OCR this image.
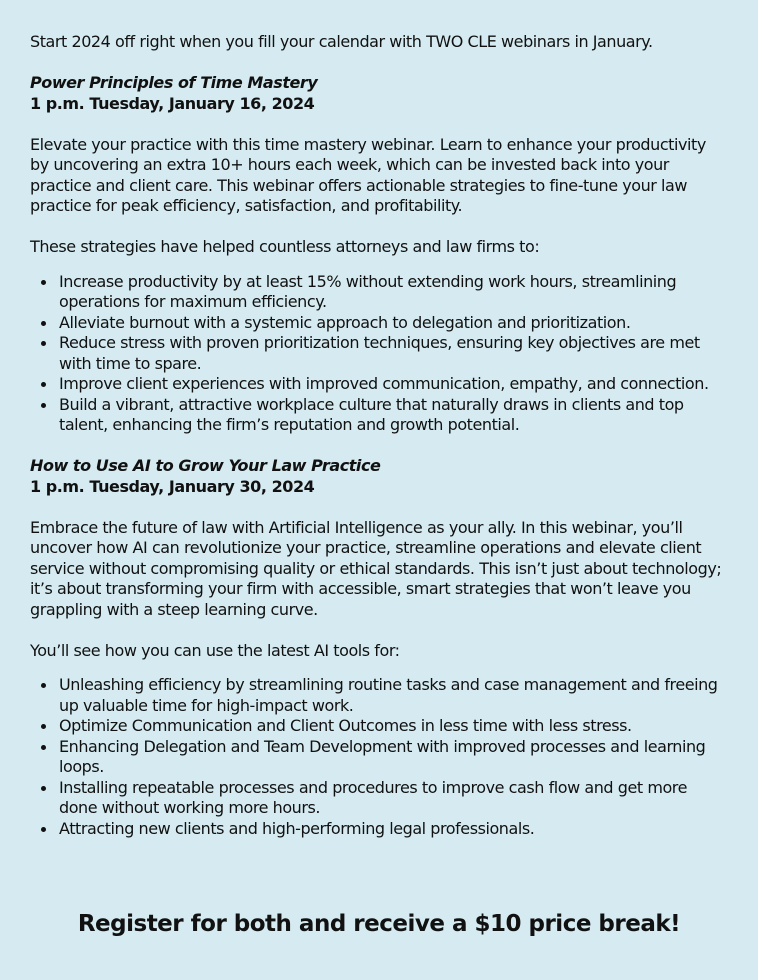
Start 2024 off right when you fill your calendar with TWO CLE webinars in January.

Power Principles of Time Mastery

1 p.m. Tuesday, January 16, 2024

Elevate your practice with this time mastery webinar. Learn to enhance your productivity by uncovering an extra 10+ hours each week, which can be invested back into your practice and client care. This webinar offers actionable strategies to fine-tune your law practice for peak efficiency, satisfaction, and profitability.

These strategies have helped countless attorneys and law firms to:

Increase productivity by at least 15% without extending work hours, streamlining operations for maximum efficiency.
Alleviate burnout with a systemic approach to delegation and prioritization.
Reduce stress with proven prioritization techniques, ensuring key objectives are met with time to spare.
Improve client experiences with improved communication, empathy, and connection.
Build a vibrant, attractive workplace culture that naturally draws in clients and top talent, enhancing the firm’s reputation and growth potential.

How to Use AI to Grow Your Law Practice

1 p.m. Tuesday, January 30, 2024

Embrace the future of law with Artificial Intelligence as your ally. In this webinar, you’ll uncover how AI can revolutionize your practice, streamline operations and elevate client service without compromising quality or ethical standards. This isn’t just about technology; it’s about transforming your firm with accessible, smart strategies that won’t leave you grappling with a steep learning curve.

You’ll see how you can use the latest AI tools for:

Unleashing efficiency by streamlining routine tasks and case management and freeing up valuable time for high-impact work.
Optimize Communication and Client Outcomes in less time with less stress.
Enhancing Delegation and Team Development with improved processes and learning loops.
Installing repeatable processes and procedures to improve cash flow and get more done without working more hours.
Attracting new clients and high-performing legal professionals.
Register for both and receive a $10 price break!
